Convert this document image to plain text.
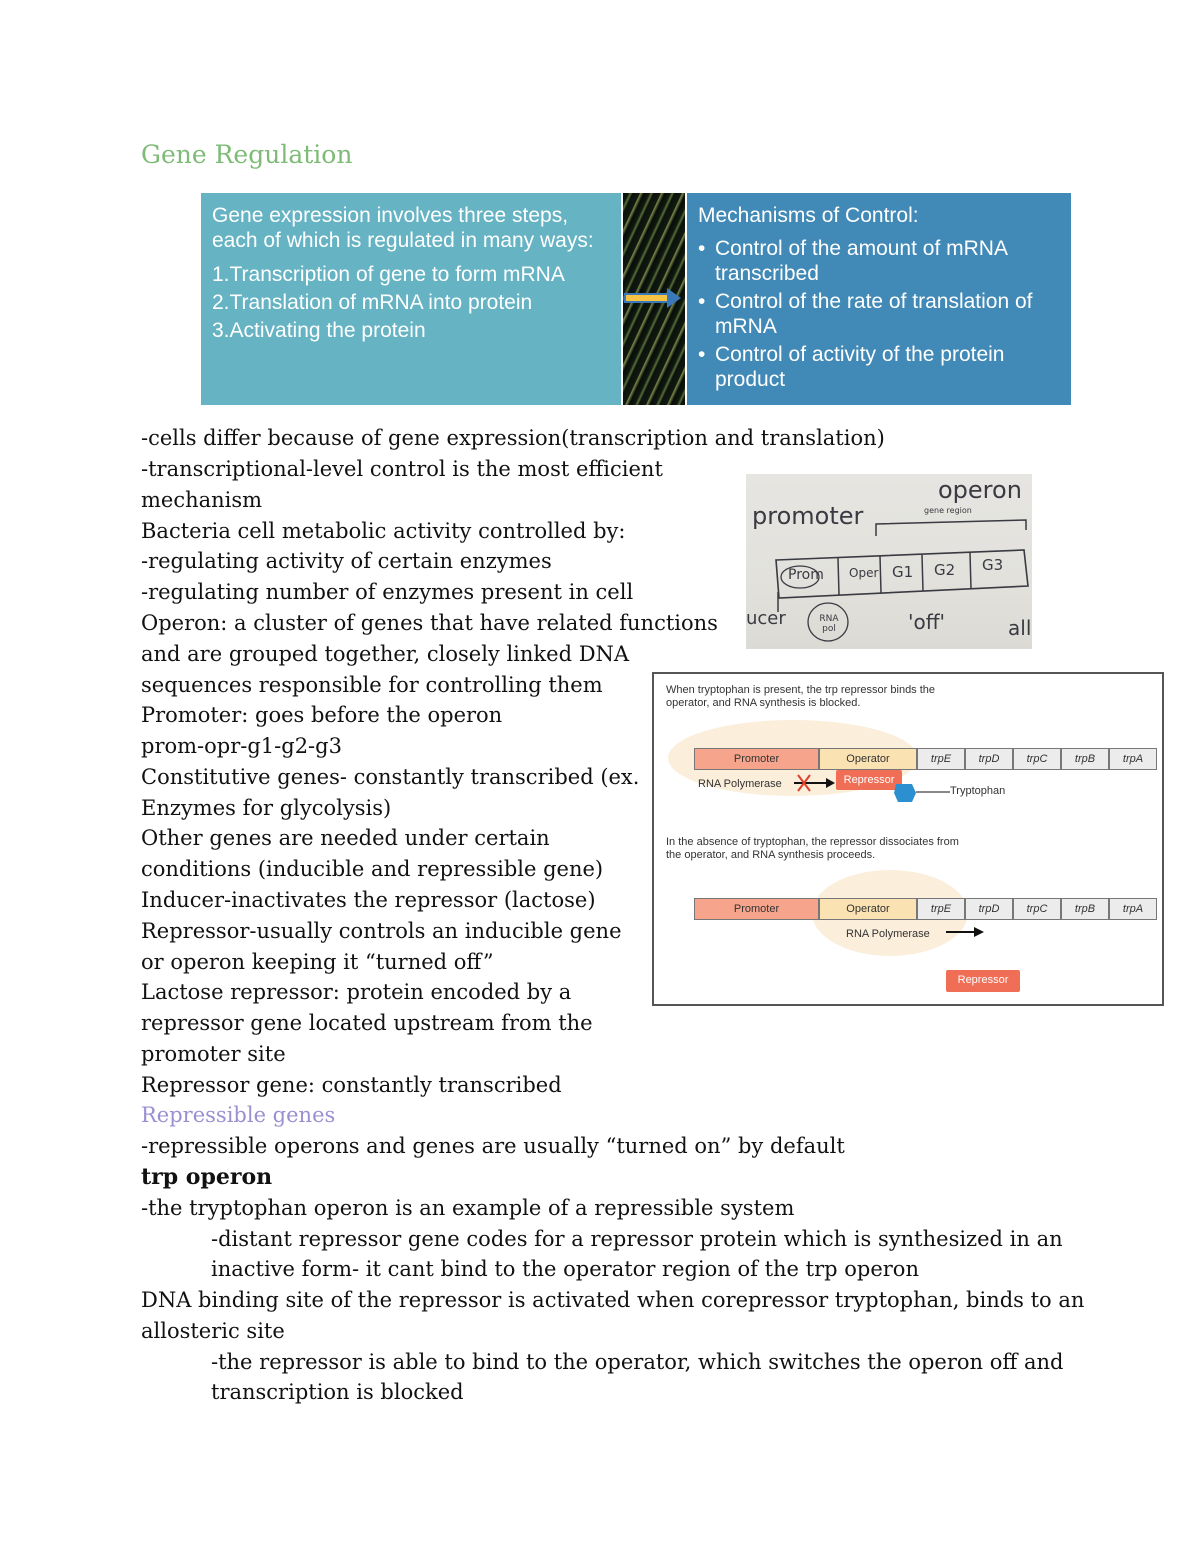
Gene Regulation
Gene expression involves three steps, each of which is regulated in many ways:
1.Transcription of gene to form mRNA
2.Translation of mRNA into protein
3.Activating the protein
Mechanisms of Control:
• Control of the amount of mRNA transcribed
• Control of the rate of translation of mRNA
• Control of activity of the protein product
-cells differ because of gene expression(transcription and translation)
-transcriptional-level control is the most efficient
mechanism
Bacteria cell metabolic activity controlled by:
-regulating activity of certain enzymes
-regulating number of enzymes present in cell
Operon: a cluster of genes that have related functions
and are grouped together, closely linked DNA
sequences responsible for controlling them
Promoter: goes before the operon
prom-opr-g1-g2-g3
Constitutive genes- constantly transcribed (ex.
Enzymes for glycolysis)
Other genes are needed under certain
conditions (inducible and repressible gene)
Inducer-inactivates the repressor (lactose)
Repressor-usually controls an inducible gene
or operon keeping it “turned off”
Lactose repressor: protein encoded by a
repressor gene located upstream from the
promoter site
Repressor gene: constantly transcribed
Repressible genes
-repressible operons and genes are usually “turned on” by default
trp operon
-the tryptophan operon is an example of a repressible system
-distant repressor gene codes for a repressor protein which is synthesized in an
inactive form- it cant bind to the operator region of the trp operon
DNA binding site of the repressor is activated when corepressor tryptophan, binds to an
allosteric site
-the repressor is able to bind to the operator, which switches the operon off and
transcription is blocked
operon
promoter	gene region
Prom Oper G1 G2 G3
RNA pol	'off'
ucer	all
When tryptophan is present, the trp repressor binds the operator, and RNA synthesis is blocked.
Promoter	Operator	trpE	trpD	trpC	trpB	trpA
RNA Polymerase	Repressor
Tryptophan
In the absence of tryptophan, the repressor dissociates from the operator, and RNA synthesis proceeds.
Promoter	Operator	trpE	trpD	trpC	trpB	trpA
RNA Polymerase
Repressor
